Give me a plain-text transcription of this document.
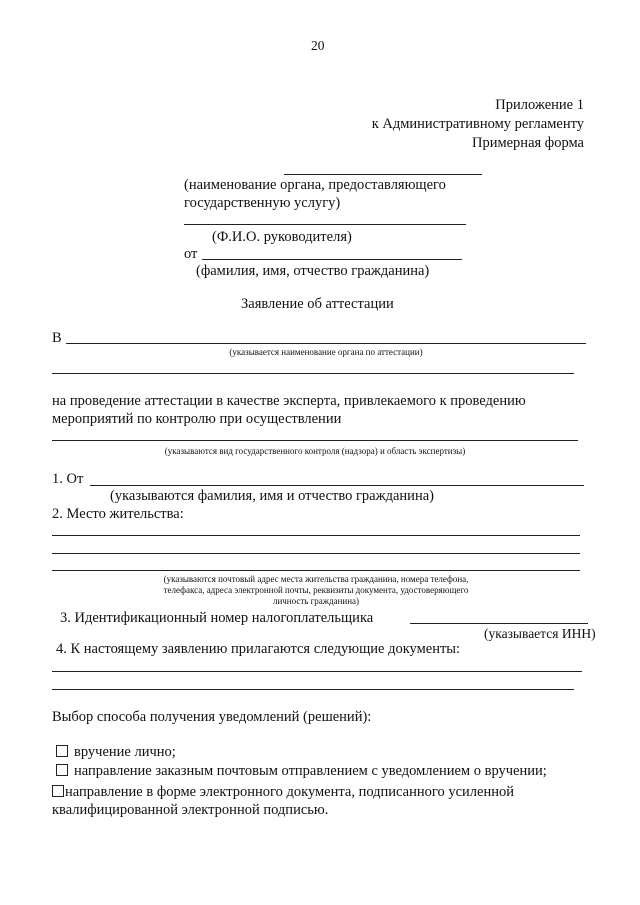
20
Приложение 1
к Административному регламенту
Примерная форма
(наименование органа, предоставляющего
государственную услугу)
(Ф.И.О. руководителя)
от
(фамилия, имя, отчество гражданина)
Заявление об аттестации
В
(указывается наименование органа по аттестации)
на проведение аттестации в качестве эксперта, привлекаемого к проведению
мероприятий по контролю при осуществлении
(указываются вид государственного контроля (надзора) и область экспертизы)
1. От
(указываются фамилия, имя и отчество гражданина)
2. Место жительства:
(указываются почтовый адрес места жительства гражданина, номера телефона,
телефакса, адреса электронной почты, реквизиты документа, удостоверяющего
личность гражданина)
3. Идентификационный номер налогоплательщика
(указывается ИНН)
4. К настоящему заявлению прилагаются следующие документы:
Выбор способа получения уведомлений (решений):
вручение лично;
направление заказным почтовым отправлением с уведомлением о вручении;
направление в форме электронного документа, подписанного усиленной
квалифицированной электронной подписью.
